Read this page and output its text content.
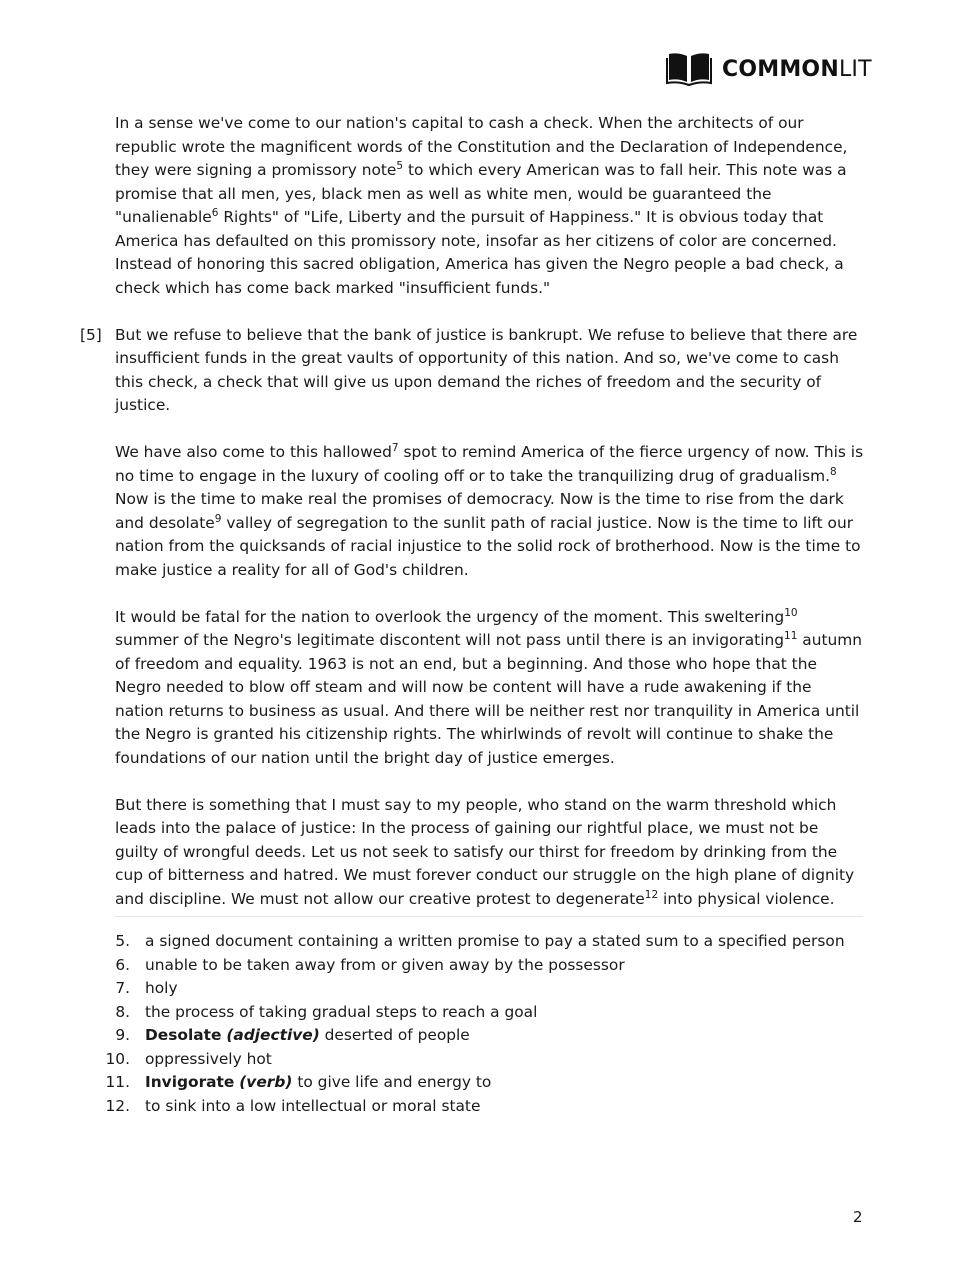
COMMONLIT

In a sense we've come to our nation's capital to cash a check. When the architects of our republic wrote the magnificent words of the Constitution and the Declaration of Independence, they were signing a promissory note$^5$ to which every American was to fall heir. This note was a promise that all men, yes, black men as well as white men, would be guaranteed the "unalienable$^6$ Rights" of "Life, Liberty and the pursuit of Happiness." It is obvious today that America has defaulted on this promissory note, insofar as her citizens of color are concerned. Instead of honoring this sacred obligation, America has given the Negro people a bad check, a check which has come back marked "insufficient funds."

[5] But we refuse to believe that the bank of justice is bankrupt. We refuse to believe that there are insufficient funds in the great vaults of opportunity of this nation. And so, we've come to cash this check, a check that will give us upon demand the riches of freedom and the security of justice.

We have also come to this hallowed$^7$ spot to remind America of the fierce urgency of now. This is no time to engage in the luxury of cooling off or to take the tranquilizing drug of gradualism.$^8$ Now is the time to make real the promises of democracy. Now is the time to rise from the dark and desolate$^9$ valley of segregation to the sunlit path of racial justice. Now is the time to lift our nation from the quicksands of racial injustice to the solid rock of brotherhood. Now is the time to make justice a reality for all of God's children.

It would be fatal for the nation to overlook the urgency of the moment. This sweltering$^{10}$ summer of the Negro's legitimate discontent will not pass until there is an invigorating$^{11}$ autumn of freedom and equality. 1963 is not an end, but a beginning. And those who hope that the Negro needed to blow off steam and will now be content will have a rude awakening if the nation returns to business as usual. And there will be neither rest nor tranquility in America until the Negro is granted his citizenship rights. The whirlwinds of revolt will continue to shake the foundations of our nation until the bright day of justice emerges.

But there is something that I must say to my people, who stand on the warm threshold which leads into the palace of justice: In the process of gaining our rightful place, we must not be guilty of wrongful deeds. Let us not seek to satisfy our thirst for freedom by drinking from the cup of bitterness and hatred. We must forever conduct our struggle on the high plane of dignity and discipline. We must not allow our creative protest to degenerate$^{12}$ into physical violence.

5. a signed document containing a written promise to pay a stated sum to a specified person
6. unable to be taken away from or given away by the possessor
7. holy
8. the process of taking gradual steps to reach a goal
9. Desolate (adjective) deserted of people
10. oppressively hot
11. Invigorate (verb) to give life and energy to
12. to sink into a low intellectual or moral state
2
